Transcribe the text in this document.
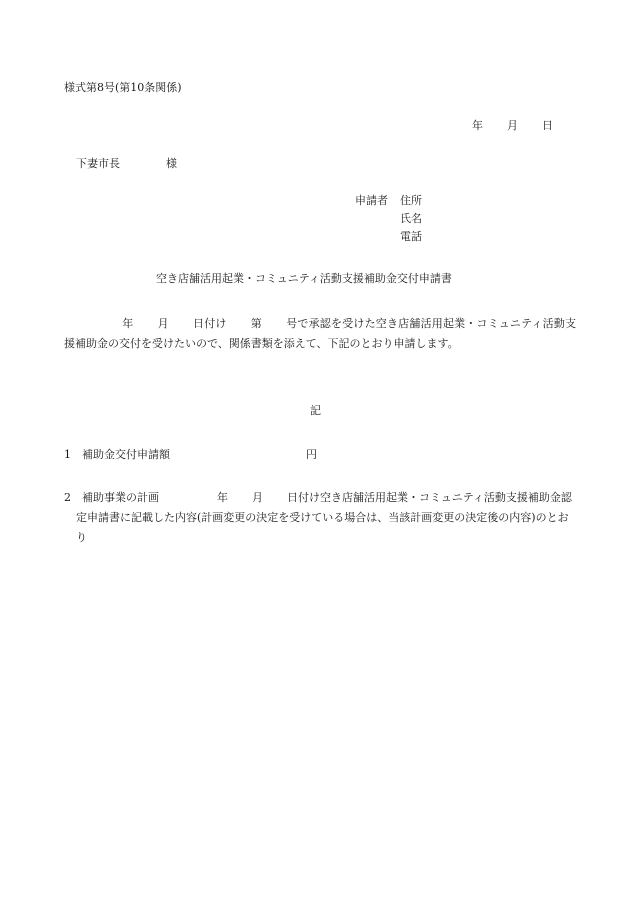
様式第8号(第10条関係)
年 月 日
下妻市長	様
申請者 住所
氏名
電話
空き店舗活用起業・コミュニティ活動支援補助金交付申請書
年 月 日付け 第 号で承認を受けた空き店舗活用起業・コミュニティ活動支援補助金の交付を受けたいので、関係書類を添えて、下記のとおり申請します。
記
1　補助金交付申請額	円
2　補助事業の計画	年 月 日付け空き店舗活用起業・コミュニティ活動支援補助金認定申請書に記載した内容(計画変更の決定を受けている場合は、当該計画変更の決定後の内容)のとおり
